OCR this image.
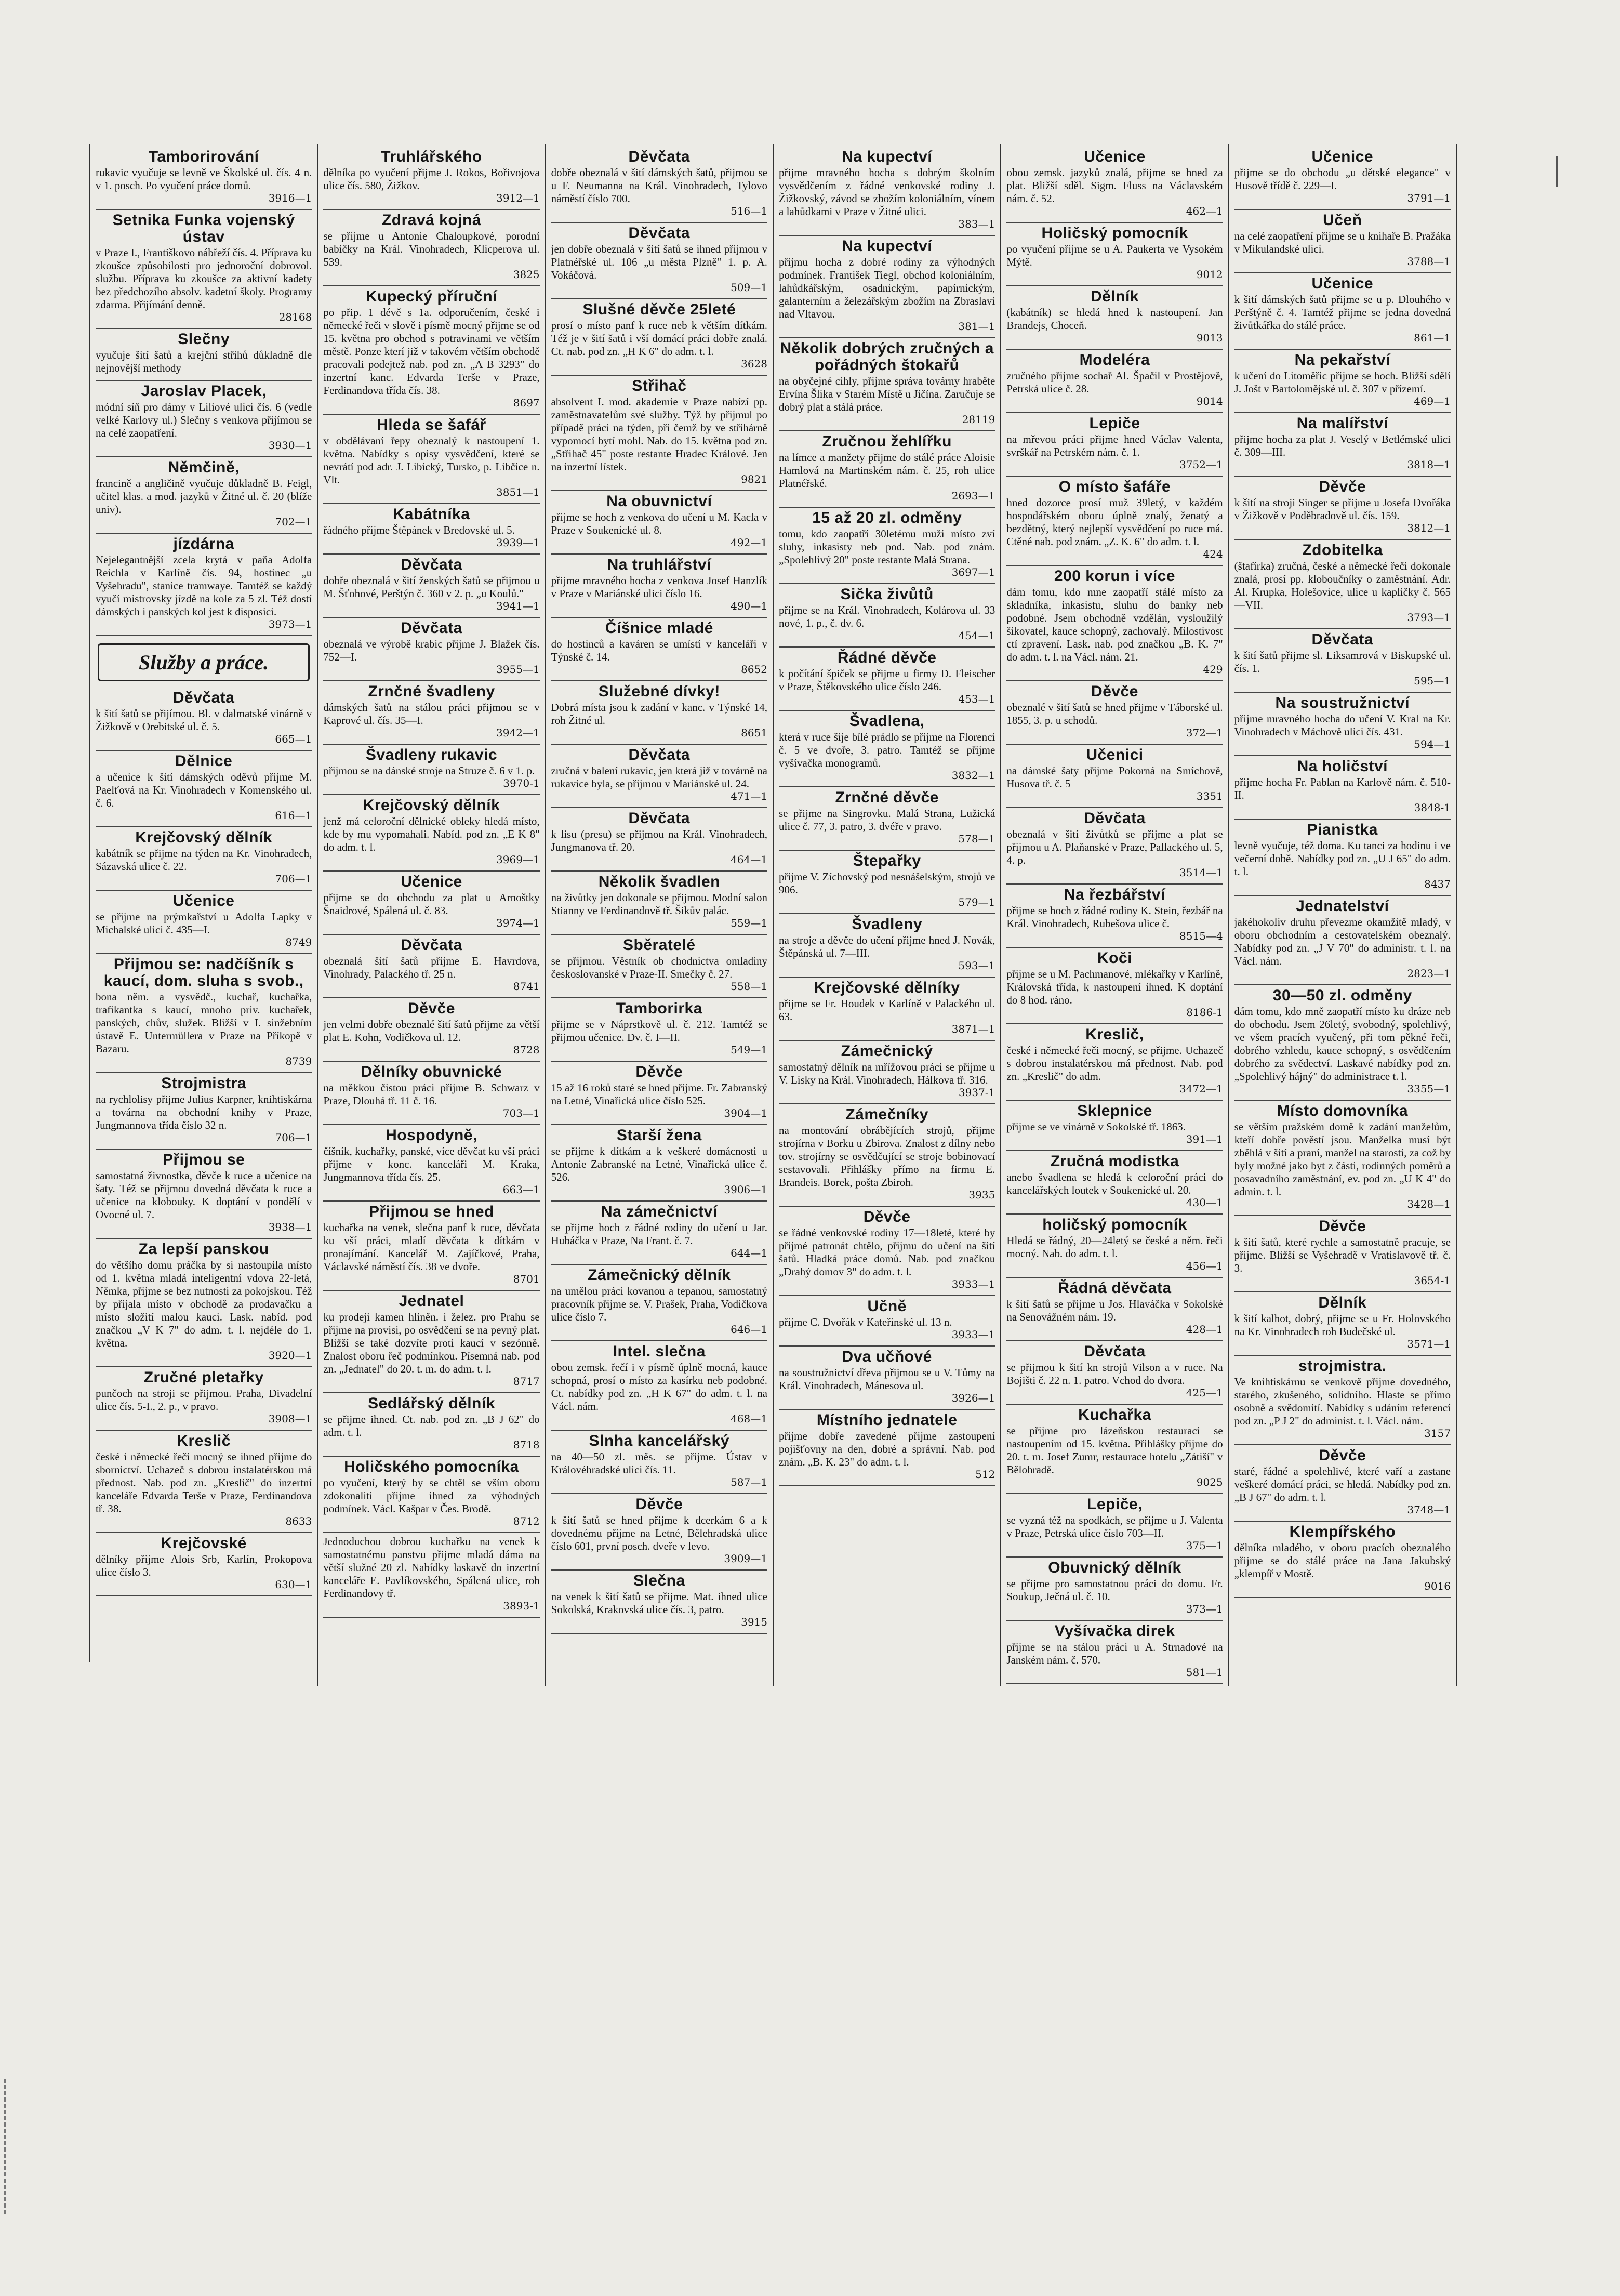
Tamborirování
rukavic vyučuje se levně ve Školské ul. čís. 4 n. v 1. posch. Po vyučení práce domů.
3916—1
Setnika Funka vojenský ústav
v Praze I., Františkovo nábřeží čís. 4. Příprava ku zkoušce způsobilosti pro jednoroční dobrovol. službu. Příprava ku zkoušce za aktivní kadety bez předchozího absolv. kadetní školy. Programy zdarma. Přijímání denně.
28168
Slečny
vyučuje šití šatů a krejční střihů důkladně dle nejnovější methody
Jaroslav Placek,
módní síň pro dámy v Liliové ulici čís. 6 (vedle velké Karlovy ul.) Slečny s venkova přijímou se na celé zaopatření.
3930—1
Němčině,
francině a angličině vyučuje důkladně B. Feigl, učitel klas. a mod. jazyků v Žitné ul. č. 20 (blíže univ).
702—1
jízdárna
Nejelegantnější zcela krytá v paňa Adolfa Reichla v Karlíně čís. 94, hostinec „u Vyšehradu", stanice tramwaye. Tamtéž se každý vyučí mistrovsky jízdě na kole za 5 zl. Též dostí dámských i panských kol jest k disposici.
3973—1
Služby a práce.
Děvčata
k šití šatů se přijímou. Bl. v dalmatské vinárně v Žižkově v Orebitské ul. č. 5.
665—1
Dělnice
a učenice k šití dámských oděvů přijme M. Paelťová na Kr. Vinohradech v Komenského ul. č. 6.
616—1
Krejčovský dělník
kabátník se přijme na týden na Kr. Vinohradech, Sázavská ulice č. 22.
706—1
Učenice
se přijme na prýmkařství u Adolfa Lapky v Michalské ulici č. 435—I.
8749
Přijmou se: nadčíšník s kaucí, dom. sluha s svob.,
bona něm. a vysvědč., kuchař, kuchařka, trafikantka s kaucí, mnoho priv. kuchařek, panských, chův, služek. Bližší v I. sinžebním ústavě E. Untermüllera v Praze na Příkopě v Bazaru.
8739
Strojmistra
na rychlolisy přijme Julius Karpner, knihtiskárna a továrna na obchodní knihy v Praze, Jungmannova třída číslo 32 n.
706—1
Přijmou se
samostatná živnostka, děvče k ruce a učenice na šaty. Též se přijmou dovedná děvčata k ruce a učenice na klobouky. K doptání v pondělí v Ovocné ul. 7.
3938—1
Za lepší panskou
do většího domu práčka by si nastoupila místo od 1. května mladá inteligentní vdova 22-letá, Němka, přijme se bez nutnosti za pokojskou. Též by přijala místo v obchodě za prodavačku a místo složití malou kauci. Lask. nabíd. pod značkou „V K 7" do adm. t. l. nejdéle do 1. května.
3920—1
Zručné pletařky
punčoch na stroji se přijmou. Praha, Divadelní ulice čís. 5-I., 2. p., v pravo.
3908—1
Kreslič
české i německé řeči mocný se ihned přijme do sbornictví. Uchazeč s dobrou instalatérskou má přednost. Nab. pod zn. „Kreslič" do inzertní kanceláře Edvarda Terše v Praze, Ferdinandova tř. 38.
8633
Krejčovské
dělníky přijme Alois Srb, Karlín, Prokopova ulice číslo 3.
630—1
Truhlářského
dělníka po vyučení přijme J. Rokos, Bořivojova ulice čís. 580, Žižkov.
3912—1
Zdravá kojná
se přijme u Antonie Chaloupkové, porodní babičky na Král. Vinohradech, Klicperova ul. 539.
3825
Kupecký příruční
po přip. 1 dévě s 1a. odporučením, české i německé řeči v slově i písmě mocný přijme se od 15. května pro obchod s potravinami ve větším městě. Ponze kterí již v takovém větším obchodě pracovali podejtež nab. pod zn. „A B 3293" do inzertní kanc. Edvarda Terše v Praze, Ferdinandova třída čís. 38.
8697
Hleda se šafář
v obdělávaní řepy obeznalý k nastoupení 1. května. Nabídky s opisy vysvědčení, které se nevrátí pod adr. J. Libický, Tursko, p. Libčice n. Vlt.
3851—1
Kabátníka
řádného přijme Štěpánek v Bredovské ul. 5.
3939—1
Děvčata
dobře obeznalá v šití ženských šatů se přijmou u M. Šťohové, Perštýn č. 360 v 2. p. „u Koulů."
3941—1
Děvčata
obeznalá ve výrobě krabic přijme J. Blažek čís. 752—I.
3955—1
Zrnčné švadleny
dámských šatů na stálou práci přijmou se v Kaprové ul. čís. 35—I.
3942—1
Švadleny rukavic
přijmou se na dánské stroje na Struze č. 6 v 1. p.
3970-1
Krejčovský dělník
jenž má celoroční dělnické obleky hledá místo, kde by mu vypomahali. Nabíd. pod zn. „E K 8" do adm. t. l.
3969—1
Učenice
přijme se do obchodu za plat u Arnoštky Šnaidrové, Spálená ul. č. 83.
3974—1
Děvčata
obeznalá šití šatů přijme E. Havrdova, Vinohrady, Palackého tř. 25 n.
8741
Děvče
jen velmi dobře obeznalé šití šatů přijme za větší plat E. Kohn, Vodičkova ul. 12.
8728
Dělníky obuvnické
na měkkou čistou práci přijme B. Schwarz v Praze, Dlouhá tř. 11 č. 16.
703—1
Hospodyně,
číšník, kuchařky, panské, více děvčat ku vší práci přijme v konc. kanceláři M. Kraka, Jungmannova třída čís. 25.
663—1
Přijmou se hned
kuchařka na venek, slečna panf k ruce, děvčata ku vší práci, mladí děvčata k dítkám v pronajímání. Kancelář M. Zajíčkové, Praha, Václavské náměstí čís. 38 ve dvoře.
8701
Jednatel
ku prodeji kamen hliněn. i želez. pro Prahu se přijme na provisi, po osvědčení se na pevný plat. Bližší se také dozvíte proti kaucí v sezónně. Znalost oboru řeč podmínkou. Písemná nab. pod zn. „Jednatel" do 20. t. m. do adm. t. l.
8717
Sedlářský dělník
se přijme ihned. Ct. nab. pod zn. „B J 62" do adm. t. l.
8718
Holičského pomocníka
po vyučení, který by se chtěl se vším oboru zdokonaliti přijme ihned za výhodných podmínek. Václ. Kašpar v Čes. Brodě.
8712
Jednoduchou dobrou kuchařku na venek k samostatnému panstvu přijme mladá dáma na větší služné 20 zl. Nabídky laskavě do inzertní kanceláře E. Pavlíkovského, Spálená ulice, roh Ferdinandovy tř.
3893-1
Děvčata
dobře obeznalá v šití dámských šatů, přijmou se u F. Neumanna na Král. Vinohradech, Tylovo náměstí číslo 700.
516—1
Děvčata
jen dobře obeznalá v šití šatů se ihned přijmou v Platnéřské ul. 106 „u města Plzně" 1. p. A. Vokáčová.
509—1
Slušné děvče 25leté
prosí o místo panf k ruce neb k větším dítkám. Též je v šití šatů i vší domácí práci dobře znalá. Ct. nab. pod zn. „H K 6" do adm. t. l.
3628
Střihač
absolvent I. mod. akademie v Praze nabízí pp. zaměstnavatelům své služby. Týž by přijmul po případě práci na týden, při čemž by ve střihárně vypomocí bytí mohl. Nab. do 15. května pod zn. „Střihač 45" poste restante Hradec Králové. Jen na inzertní lístek.
9821
Na obuvnictví
přijme se hoch z venkova do učení u M. Kacla v Praze v Soukenické ul. 8.
492—1
Na truhlářství
přijme mravného hocha z venkova Josef Hanzlík v Praze v Mariánské ulici číslo 16.
490—1
Číšnice mladé
do hostinců a kaváren se umístí v kanceláři v Týnské č. 14.
8652
Služebné dívky!
Dobrá místa jsou k zadání v kanc. v Týnské 14, roh Žitné ul.
8651
Děvčata
zručná v balení rukavic, jen která již v továrně na rukavice byla, se přijmou v Mariánské ul. 24.
471—1
Děvčata
k lisu (presu) se přijmou na Král. Vinohradech, Jungmanova tř. 20.
464—1
Několik švadlen
na živůtky jen dokonale se přijmou. Modní salon Stianny ve Ferdinandově tř. Šikův palác.
559—1
Sběratelé
se přijmou. Věstník ob chodnictva omladiny českoslovanské v Praze-II. Smečky č. 27.
558—1
Tamborirka
přijme se v Náprstkově ul. č. 212. Tamtéž se přijmou učenice. Dv. č. I—II.
549—1
Děvče
15 až 16 roků staré se hned přijme. Fr. Zabranský na Letné, Vinařická ulice číslo 525.
3904—1
Starší žena
se přijme k dítkám a k veškeré domácnosti u Antonie Zabranské na Letné, Vinařická ulice č. 526.
3906—1
Na zámečnictví
se přijme hoch z řádné rodiny do učení u Jar. Hubáčka v Praze, Na Frant. č. 7.
644—1
Zámečnický dělník
na umělou práci kovanou a tepanou, samostatný pracovník přijme se. V. Prašek, Praha, Vodičkova ulice číslo 7.
646—1
Intel. slečna
obou zemsk. řečí i v písmě úplně mocná, kauce schopná, prosí o místo za kasírku neb podobné. Ct. nabídky pod zn. „H K 67" do adm. t. l. na Václ. nám.
468—1
Slnha kancelářský
na 40—50 zl. měs. se přijme. Ústav v Královéhradské ulici čís. 11.
587—1
Děvče
k šití šatů se hned přijme k dcerkám 6 a k dovednému přijme na Letné, Bělehradská ulice číslo 601, první posch. dveře v levo.
3909—1
Slečna
na venek k šití šatů se přijme. Mat. ihned ulice Sokolská, Krakovská ulice čís. 3, patro.
3915
Na kupectví
přijme mravného hocha s dobrým školním vysvědčením z řádné venkovské rodiny J. Žižkovský, závod se zbožím koloniálním, vínem a lahůdkami v Praze v Žitné ulici.
383—1
Na kupectví
přijmu hocha z dobré rodiny za výhodných podmínek. František Tiegl, obchod koloniálním, lahůdkářským, osadnickým, papírnickým, galanterním a železářským zbožím na Zbraslavi nad Vltavou.
381—1
Několik dobrých zručných a pořádných štokařů
na obyčejné cihly, přijme správa továrny hraběte Ervína Šlika v Starém Místě u Jičína. Zaručuje se dobrý plat a stálá práce.
28119
Zručnou žehlířku
na límce a manžety přijme do stálé práce Aloisie Hamlová na Martinském nám. č. 25, roh ulice Platnéřské.
2693—1
15 až 20 zl. odměny
tomu, kdo zaopatří 30letému muži místo zví sluhy, inkasisty neb pod. Nab. pod znám. „Spolehlivý 20" poste restante Malá Strana.
3697—1
Sička živůtů
přijme se na Král. Vinohradech, Kolárova ul. 33 nové, 1. p., č. dv. 6.
454—1
Řádné děvče
k počítání špiček se přijme u firmy D. Fleischer v Praze, Štěkovského ulice číslo 246.
453—1
Švadlena,
která v ruce šije bílé prádlo se přijme na Florenci č. 5 ve dvoře, 3. patro. Tamtéž se přijme vyšívačka monogramů.
3832—1
Zrnčné děvče
se přijme na Singrovku. Malá Strana, Lužická ulice č. 77, 3. patro, 3. dvéře v pravo.
578—1
Štepařky
přijme V. Zíchovský pod nesnášelským, strojů ve 906.
579—1
Švadleny
na stroje a děvče do učení přijme hned J. Novák, Štěpánská ul. 7—III.
593—1
Krejčovské dělníky
přijme se Fr. Houdek v Karlíně v Palackého ul. 63.
3871—1
Zámečnický
samostatný dělník na mřížovou práci se přijme u V. Lisky na Král. Vinohradech, Hálkova tř. 316.
3937-1
Zámečníky
na montování obrábějících strojů, přijme strojírna v Borku u Zbirova. Znalost z dílny nebo tov. strojírny se osvědčující se stroje bobinovací sestavovali. Přihlášky přímo na firmu E. Brandeis. Borek, pošta Zbiroh.
3935
Děvče
se řádné venkovské rodiny 17—18leté, které by přijmé patronát chtělo, přijmu do učení na šití šatů. Hladká práce domů. Nab. pod značkou „Drahý domov 3" do adm. t. l.
3933—1
Učně
přijme C. Dvořák v Kateřinské ul. 13 n.
3933—1
Dva učňové
na soustružnictví dřeva přijmou se u V. Tůmy na Král. Vinohradech, Mánesova ul.
3926—1
Místního jednatele
přijme dobře zavedené přijme zastoupení pojišťovny na den, dobré a správní. Nab. pod znám. „B. K. 23" do adm. t. l.
512
Učenice
obou zemsk. jazyků znalá, přijme se hned za plat. Bližší sděl. Sigm. Fluss na Václavském nám. č. 52.
462—1
Holičský pomocník
po vyučení přijme se u A. Paukerta ve Vysokém Mýtě.
9012
Dělník
(kabátník) se hledá hned k nastoupení. Jan Brandejs, Choceň.
9013
Modeléra
zručného přijme sochař Al. Špačil v Prostějově, Petrská ulice č. 28.
9014
Lepiče
na mřevou práci přijme hned Václav Valenta, svrškář na Petrském nám. č. 1.
3752—1
O místo šafáře
hned dozorce prosí muž 39letý, v každém hospodářském oboru úplně znalý, ženatý a bezdětný, který nejlepší vysvědčení po ruce má. Ctěné nab. pod znám. „Z. K. 6" do adm. t. l.
424
200 korun i více
dám tomu, kdo mne zaopatří stálé místo za skladníka, inkasistu, sluhu do banky neb podobné. Jsem obchodně vzdělán, vysloužilý šikovatel, kauce schopný, zachovalý. Milostivost ctí zpravení. Lask. nab. pod značkou „B. K. 7" do adm. t. l. na Václ. nám. 21.
429
Děvče
obeznalé v šití šatů se hned přijme v Táborské ul. 1855, 3. p. u schodů.
372—1
Učenici
na dámské šaty přijme Pokorná na Smíchově, Husova tř. č. 5
3351
Děvčata
obeznalá v šití živůtků se přijme a plat se přijmou u A. Plaňanské v Praze, Pallackého ul. 5, 4. p.
3514—1
Na řezbářství
přijme se hoch z řádné rodiny K. Stein, řezbář na Král. Vinohradech, Rubešova ulice č.
8515—4
Koči
přijme se u M. Pachmanové, mlékařky v Karlíně, Královská třída, k nastoupení ihned. K doptání do 8 hod. ráno.
8186-1
Kreslič,
české i německé řeči mocný, se přijme. Uchazeč s dobrou instalatérskou má přednost. Nab. pod zn. „Kreslič" do adm.
3472—1
Sklepnice
přijme se ve vinárně v Sokolské tř. 1863.
391—1
Zručná modistka
anebo švadlena se hledá k celoroční práci do kancelářských loutek v Soukenické ul. 20.
430—1
holičský pomocník
Hledá se řádný, 20—24letý se české a něm. řeči mocný. Nab. do adm. t. l.
456—1
Řádná děvčata
k šití šatů se přijme u Jos. Hlaváčka v Sokolské na Senovážném nám. 19.
428—1
Děvčata
se přijmou k šití kn strojů Vilson a v ruce. Na Bojišti č. 22 n. 1. patro. Vchod do dvora.
425—1
Kuchařka
se přijme pro lázeňskou restauraci se nastoupením od 15. května. Přihlášky přijme do 20. t. m. Josef Zumr, restaurace hotelu „Zátiší" v Bělohradě.
9025
Lepiče,
se vyzná též na spodkách, se přijme u J. Valenta v Praze, Petrská ulice číslo 703—II.
375—1
Obuvnický dělník
se přijme pro samostatnou práci do domu. Fr. Soukup, Ječná ul. č. 10.
373—1
Vyšívačka direk
přijme se na stálou práci u A. Strnadové na Janském nám. č. 570.
581—1
Učenice
přijme se do obchodu „u dětské elegance" v Husově třídě č. 229—I.
3791—1
Učeň
na celé zaopatření přijme se u knihaře B. Pražáka v Mikulandské ulici.
3788—1
Učenice
k šití dámských šatů přijme se u p. Dlouhého v Perštýně č. 4. Tamtéž přijme se jedna dovedná živůtkářka do stálé práce.
861—1
Na pekařství
k učení do Litoměřic přijme se hoch. Bližší sdělí J. Jošt v Bartolomějské ul. č. 307 v přízemí.
469—1
Na malířství
přijme hocha za plat J. Veselý v Betlémské ulici č. 309—III.
3818—1
Děvče
k šití na stroji Singer se přijme u Josefa Dvořáka v Žižkově v Poděbradově ul. čís. 159.
3812—1
Zdobitelka
(štafírka) zručná, české a německé řeči dokonale znalá, prosí pp. kloboučníky o zaměstnání. Adr. Al. Krupka, Holešovice, ulice u kapličky č. 565—VII.
3793—1
Děvčata
k šití šatů přijme sl. Liksamrová v Biskupské ul. čís. 1.
595—1
Na soustružnictví
přijme mravného hocha do učení V. Kral na Kr. Vinohradech v Máchově ulici čís. 431.
594—1
Na holičství
přijme hocha Fr. Pablan na Karlově nám. č. 510-II.
3848-1
Pianistka
levně vyučuje, též doma. Ku tanci za hodinu i ve večerní době. Nabídky pod zn. „U J 65" do adm. t. l.
8437
Jednatelství
jakéhokoliv druhu převezme okamžitě mladý, v oboru obchodním a cestovatelském obeznalý. Nabídky pod zn. „J V 70" do administr. t. l. na Václ. nám.
2823—1
30—50 zl. odměny
dám tomu, kdo mně zaopatří místo ku dráze neb do obchodu. Jsem 26letý, svobodný, spolehlivý, ve všem pracích vyučený, při tom pěkné řeči, dobrého vzhledu, kauce schopný, s osvědčením dobrého za svědectví. Laskavé nabídky pod zn. „Spolehlivý hájný" do administrace t. l.
3355—1
Místo domovníka
se větším pražském domě k zadání manželům, kteří dobře pověstí jsou. Manželka musí být zběhlá v šití a praní, manžel na starosti, za což by byly možné jako byt z části, rodinných poměrů a posavadního zaměstnání, ev. pod zn. „U K 4" do admin. t. l.
3428—1
Děvče
k šití šatů, které rychle a samostatně pracuje, se přijme. Bližší se Vyšehradě v Vratislavově tř. č. 3.
3654-1
Dělník
k šití kalhot, dobrý, přijme se u Fr. Holovského na Kr. Vinohradech roh Budečské ul.
3571—1
strojmistra.
Ve knihtiskárnu se venkově přijme dovedného, starého, zkušeného, solidního. Hlaste se přímo osobně a svědomití. Nabídky s udáním referencí pod zn. „P J 2" do administ. t. l. Václ. nám.
3157
Děvče
staré, řádné a spolehlivé, které vaří a zastane veškeré domácí práci, se hledá. Nabídky pod zn. „B J 67" do adm. t. l.
3748—1
Klempířského
dělníka mladého, v oboru pracích obeznalého přijme se do stálé práce na Jana Jakubský „klempíř v Mostě.
9016
